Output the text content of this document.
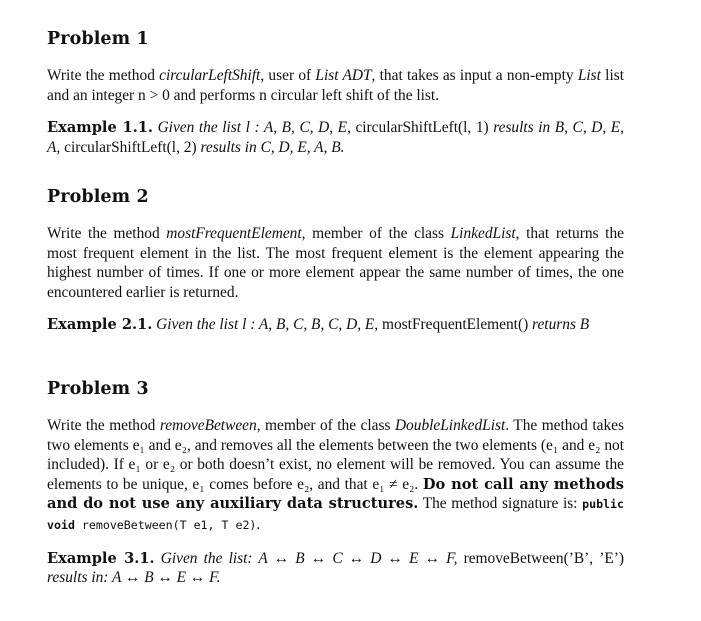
Problem 1

Write the method circularLeftShift, user of List ADT, that takes as input a non-empty List list and an integer n > 0 and performs n circular left shift of the list.

Example 1.1. Given the list l : A, B, C, D, E, circularShiftLeft(l, 1) results in B, C, D, E, A, circularShiftLeft(l, 2) results in C, D, E, A, B.

Problem 2

Write the method mostFrequentElement, member of the class LinkedList, that returns the most frequent element in the list. The most frequent element is the element appearing the highest number of times. If one or more element appear the same number of times, the one encountered earlier is returned.

Example 2.1. Given the list l : A, B, C, B, C, D, E, mostFrequentElement() returns B

Problem 3

Write the method removeBetween, member of the class DoubleLinkedList. The method takes two elements e₁ and e₂, and removes all the elements between the two elements (e₁ and e₂ not included). If e₁ or e₂ or both doesn’t exist, no element will be removed. You can assume the elements to be unique, e₁ comes before e₂, and that e₁ ≠ e₂. Do not call any methods and do not use any auxiliary data structures. The method signature is: public void removeBetween(T e1, T e2).

Example 3.1. Given the list: A ↔ B ↔ C ↔ D ↔ E ↔ F, removeBetween(’B’, ’E’) results in: A ↔ B ↔ E ↔ F.
